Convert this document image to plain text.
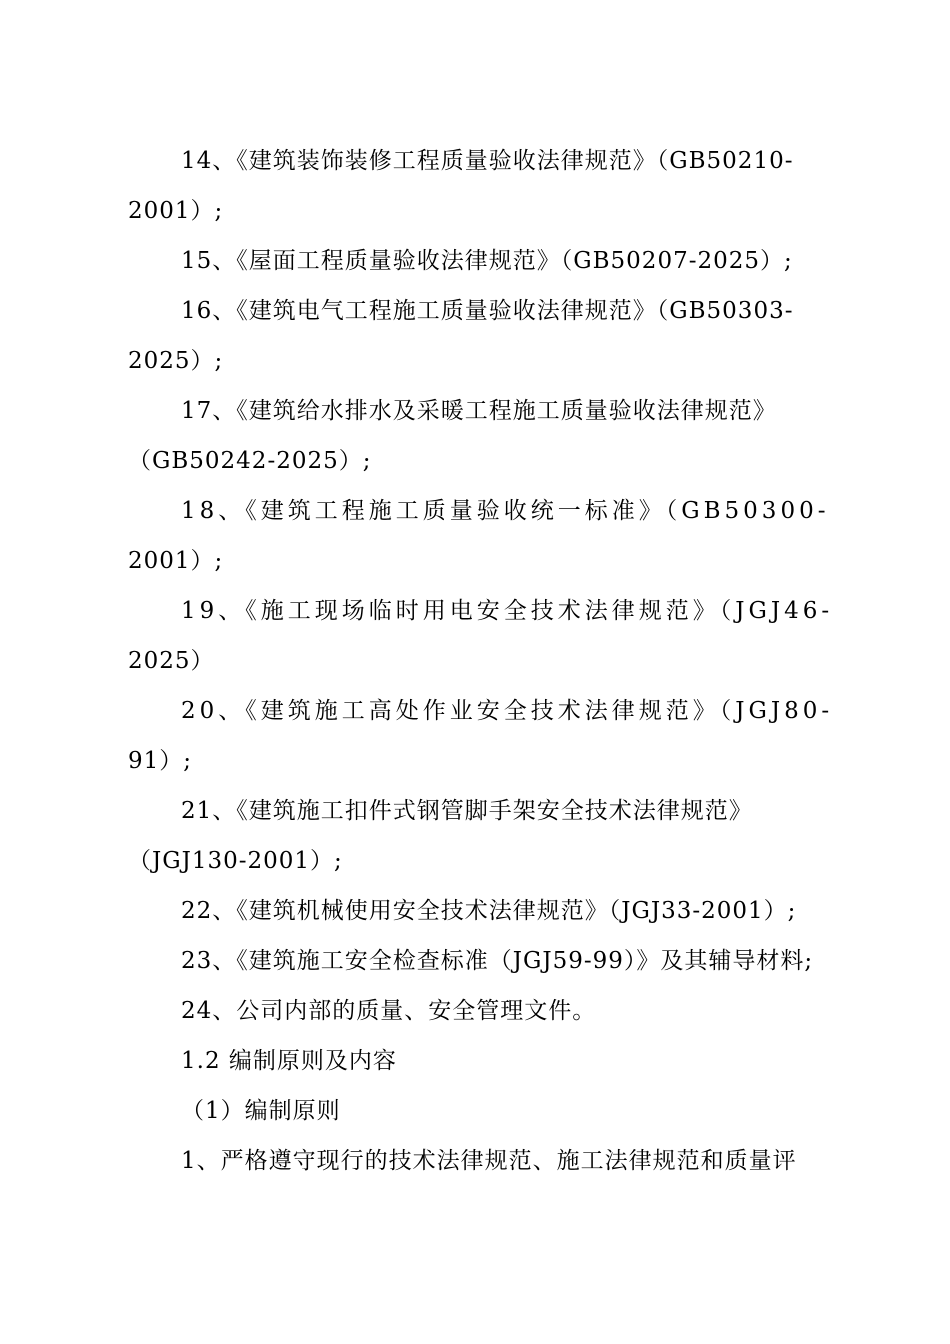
14、《建筑装饰装修工程质量验收法律规范》（GB50210-
2001）;
15、《屋面工程质量验收法律规范》（GB50207-2025）;
16、《建筑电气工程施工质量验收法律规范》（GB50303-
2025）;
17、《建筑给水排水及采暖工程施工质量验收法律规范》
（GB50242-2025）;
18、《建筑工程施工质量验收统一标准》（GB50300-
2001）;
19、《施工现场临时用电安全技术法律规范》（JGJ46-
2025）
20、《建筑施工高处作业安全技术法律规范》（JGJ80-
91）;
21、《建筑施工扣件式钢管脚手架安全技术法律规范》
（JGJ130-2001）;
22、《建筑机械使用安全技术法律规范》（JGJ33-2001）;
23、《建筑施工安全检查标准（JGJ59-99）》及其辅导材料;
24、公司内部的质量、安全管理文件。
1.2 编制原则及内容
（1）编制原则
1、严格遵守现行的技术法律规范、施工法律规范和质量评
